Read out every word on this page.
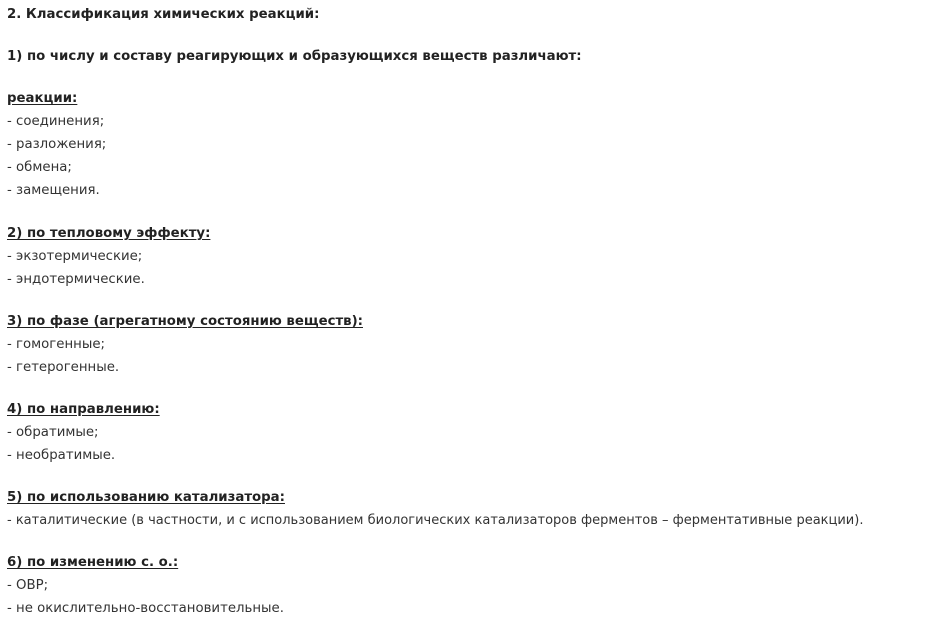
2. Классификация химических реакций:
1) по числу и составу реагирующих и образующихся веществ различают:
реакции:
- соединения;
- разложения;
- обмена;
- замещения.
2) по тепловому эффекту:
- экзотермические;
- эндотермические.
3) по фазе (агрегатному состоянию веществ):
- гомогенные;
- гетерогенные.
4) по направлению:
- обратимые;
- необратимые.
5) по использованию катализатора:
- каталитические (в частности, и с использованием биологических катализаторов ферментов – ферментативные реакции).
6) по изменению с. о.:
- ОВР;
- не окислительно-восстановительные.
